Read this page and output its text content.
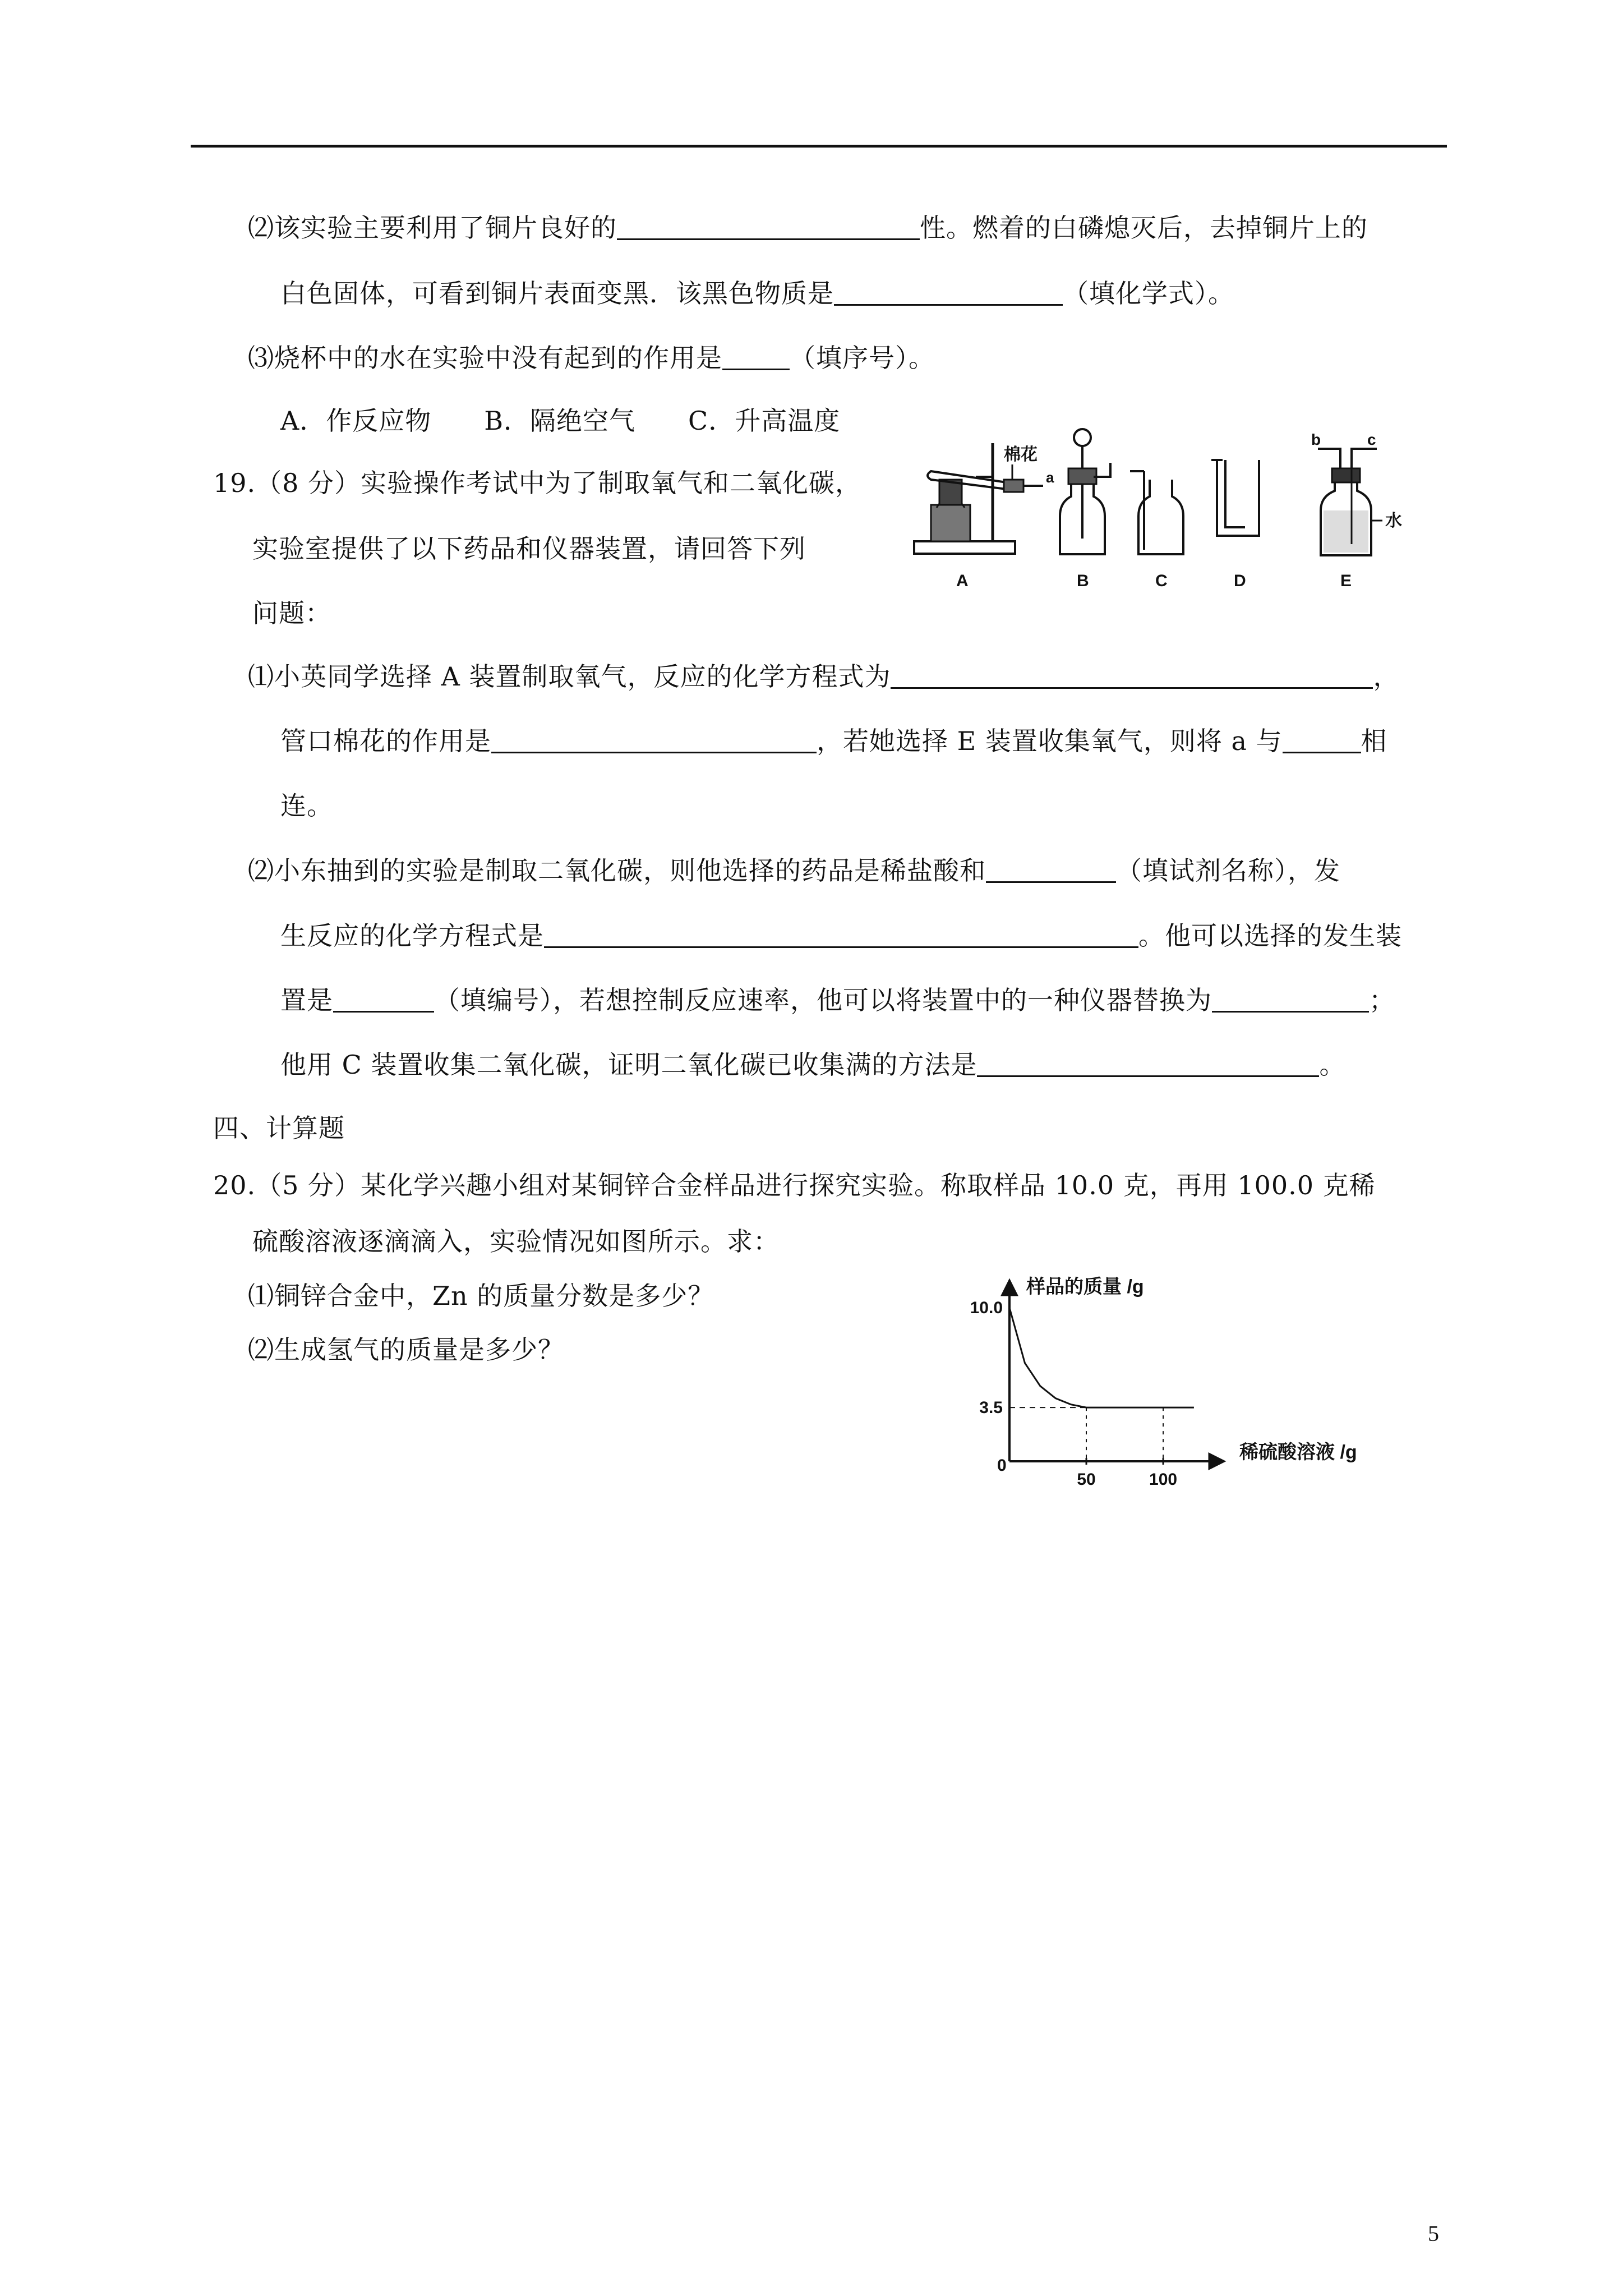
⑵该实验主要利用了铜片良好的	性。燃着的白磷熄灭后，去掉铜片上的
白色固体，可看到铜片表面变黑．该黑色物质是	（填化学式）。
⑶烧杯中的水在实验中没有起到的作用是	（填序号）。
A．作反应物　　B．隔绝空气　　C．升高温度
19.（8 分）实验操作考试中为了制取氧气和二氧化碳，
实验室提供了以下药品和仪器装置，请回答下列
问题：
棉花
a
b	c
水
A	B	C	D	E
⑴小英同学选择 A 装置制取氧气，反应的化学方程式为	，
管口棉花的作用是	，若她选择 E 装置收集氧气，则将 a 与	相
连。
⑵小东抽到的实验是制取二氧化碳，则他选择的药品是稀盐酸和	（填试剂名称），发
生反应的化学方程式是	。他可以选择的发生装
置是	（填编号），若想控制反应速率，他可以将装置中的一种仪器替换为	；
他用 C 装置收集二氧化碳，证明二氧化碳已收集满的方法是	。
四、计算题
20.（5 分）某化学兴趣小组对某铜锌合金样品进行探究实验。称取样品 10.0 克，再用 100.0 克稀
硫酸溶液逐滴滴入，实验情况如图所示。求：
⑴铜锌合金中，Zn 的质量分数是多少？
⑵生成氢气的质量是多少？
样品的质量 /g
稀硫酸溶液 /g
0
10.0
3.5
50	100
5
